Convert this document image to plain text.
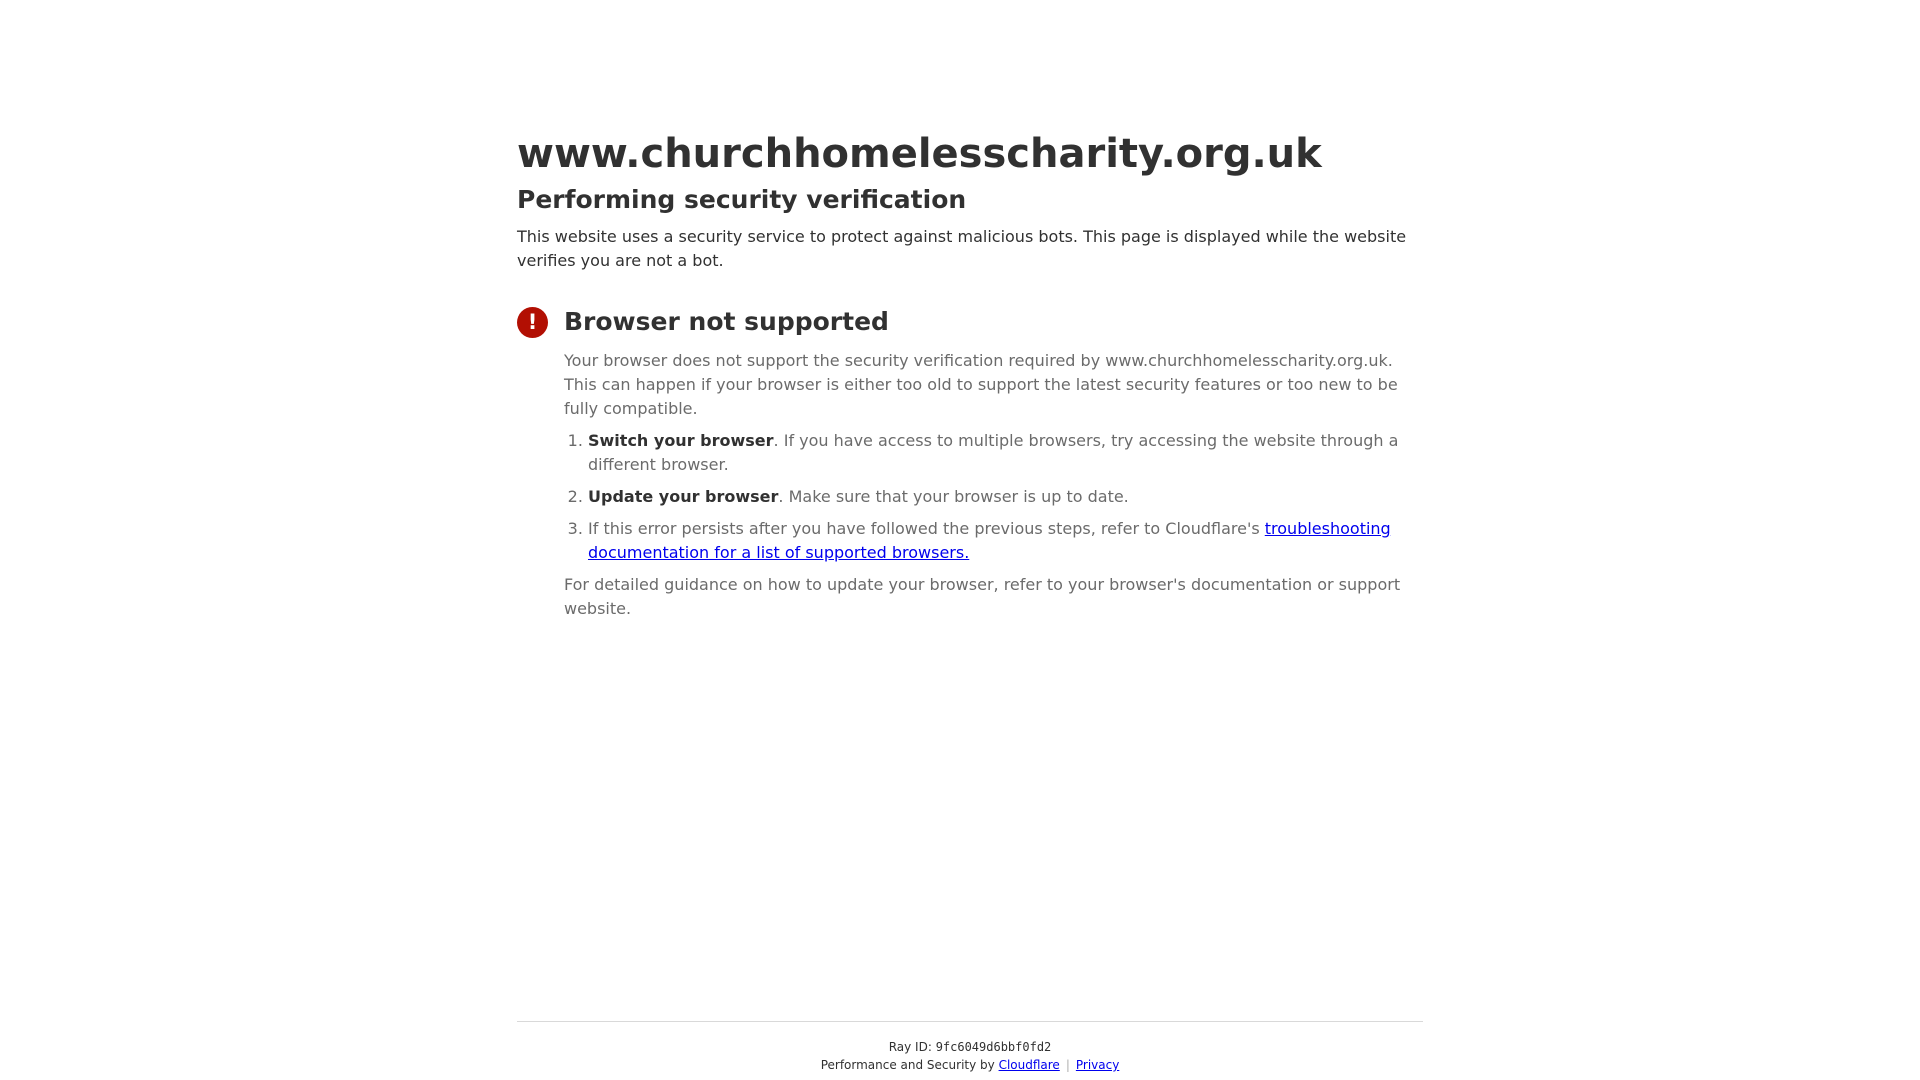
www.churchhomelesscharity.org.uk
Performing security verification

This website uses a security service to protect against malicious bots. This page is displayed while the website verifies you are not a bot.

!	Browser not supported

Your browser does not support the security verification required by www.churchhomelesscharity.org.uk. This can happen if your browser is either too old to support the latest security features or too new to be fully compatible.

1. Switch your browser. If you have access to multiple browsers, try accessing the website through a different browser.
2. Update your browser. Make sure that your browser is up to date.
3. If this error persists after you have followed the previous steps, refer to Cloudflare's troubleshooting documentation for a list of supported browsers.

For detailed guidance on how to update your browser, refer to your browser's documentation or support website.

Ray ID: 9fc6049d6bbf0fd2
Performance and Security by Cloudflare | Privacy
